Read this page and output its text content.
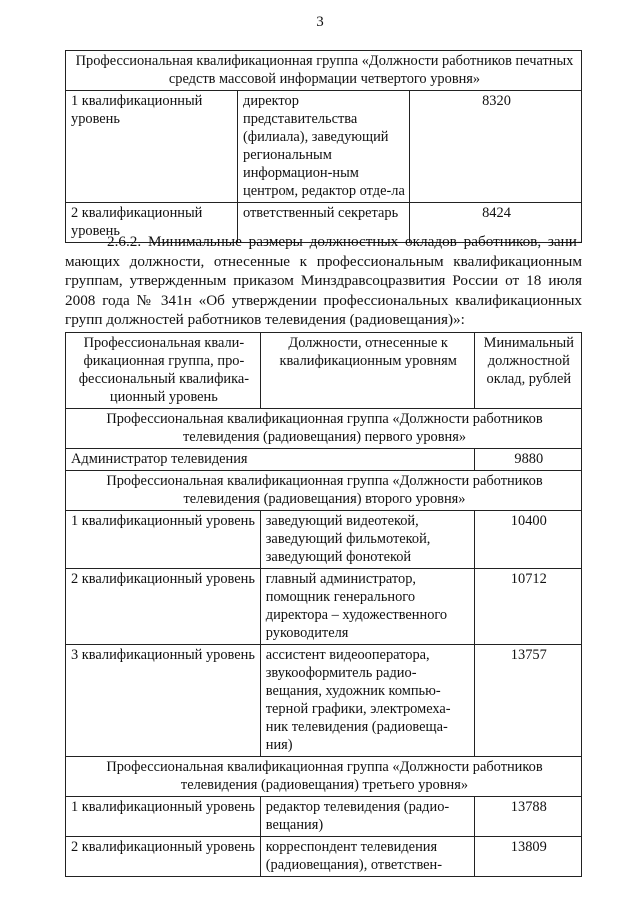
3
Профессиональная квалификационная группа «Должности работников печатных средств массовой информации четвертого уровня»		
1 квалификационный уровень	директор представительства (филиала), заведующий региональным информацион-ным центром, редактор отде-ла	8320
2 квалификационный уровень	ответственный секретарь	8424

2.6.2. Минимальные размеры должностных окладов работников, зани-мающих должности, отнесенные к профессиональным квалификационным группам, утвержденным приказом Минздравсоцразвития России от 18 июля 2008 года № 341н «Об утверждении профессиональных квалификационных групп должностей работников телевидения (радиовещания)»:

Профессиональная квали-фикационная группа, про-фессиональный квалифика-ционный уровень	Должности, отнесенные к квалификационным уровням	Минимальный должностной оклад, рублей
Профессиональная квалификационная группа «Должности работников телевидения (радиовещания) первого уровня»		
Администратор телевидения		9880
Профессиональная квалификационная группа «Должности работников телевидения (радиовещания) второго уровня»		
1 квалификационный уровень	заведующий видеотекой, заведующий фильмотекой, заведующий фонотекой	10400
2 квалификационный уровень	главный администратор, помощник генерального директора – художественного руководителя	10712
3 квалификационный уровень	ассистент видеооператора, звукооформитель радио-вещания, художник компью-терной графики, электромеха-ник телевидения (радиовеща-ния)	13757
Профессиональная квалификационная группа «Должности работников телевидения (радиовещания) третьего уровня»		
1 квалификационный уровень	редактор телевидения (радио-вещания)	13788
2 квалификационный уровень	корреспондент телевидения (радиовещания), ответствен-	13809
